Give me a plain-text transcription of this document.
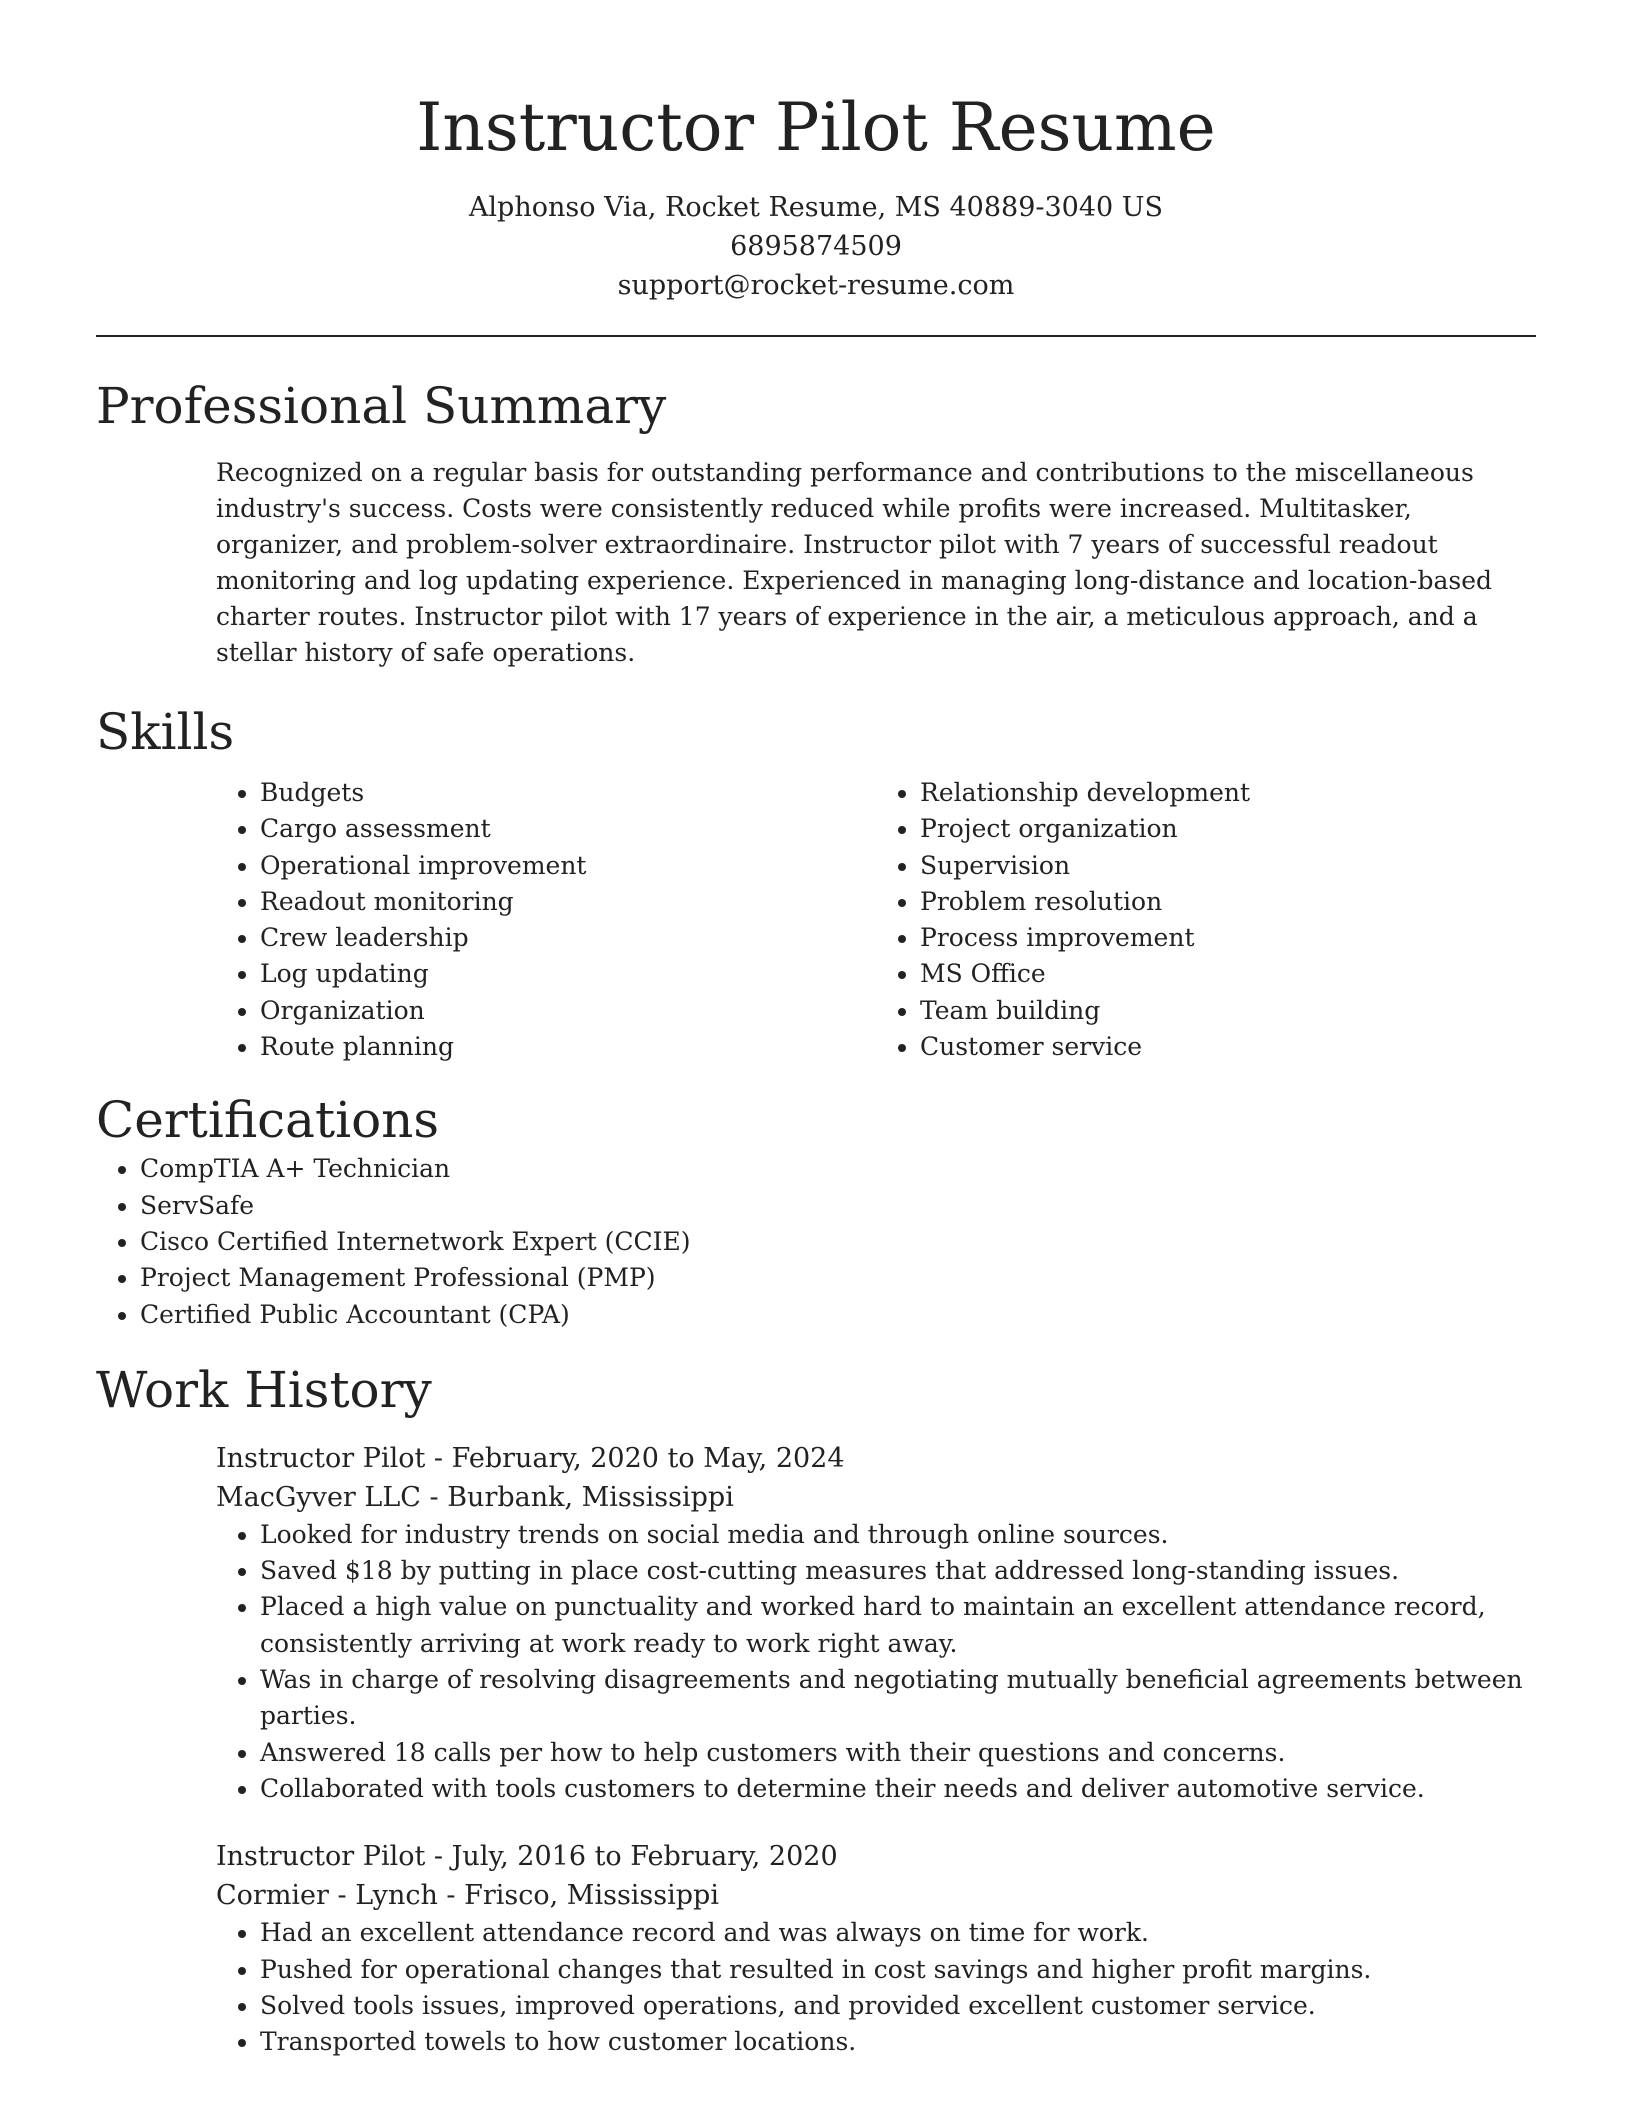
Instructor Pilot Resume
Alphonso Via, Rocket Resume, MS 40889-3040 US
6895874509
support@rocket-resume.com
Professional Summary

Recognized on a regular basis for outstanding performance and contributions to the miscellaneous industry's success. Costs were consistently reduced while profits were increased. Multitasker, organizer, and problem-solver extraordinaire. Instructor pilot with 7 years of successful readout monitoring and log updating experience. Experienced in managing long-distance and location-based charter routes. Instructor pilot with 17 years of experience in the air, a meticulous approach, and a stellar history of safe operations.

Skills
• Budgets
• Cargo assessment
• Operational improvement
• Readout monitoring
• Crew leadership
• Log updating
• Organization
• Route planning
• Relationship development
• Project organization
• Supervision
• Problem resolution
• Process improvement
• MS Office
• Team building
• Customer service
Certifications
• CompTIA A+ Technician
• ServSafe
• Cisco Certified Internetwork Expert (CCIE)
• Project Management Professional (PMP)
• Certified Public Accountant (CPA)
Work History
Instructor Pilot - February, 2020 to May, 2024
MacGyver LLC - Burbank, Mississippi
• Looked for industry trends on social media and through online sources.
• Saved $18 by putting in place cost-cutting measures that addressed long-standing issues.
• Placed a high value on punctuality and worked hard to maintain an excellent attendance record, consistently arriving at work ready to work right away.
• Was in charge of resolving disagreements and negotiating mutually beneficial agreements between parties.
• Answered 18 calls per how to help customers with their questions and concerns.
• Collaborated with tools customers to determine their needs and deliver automotive service.
Instructor Pilot - July, 2016 to February, 2020
Cormier - Lynch - Frisco, Mississippi
• Had an excellent attendance record and was always on time for work.
• Pushed for operational changes that resulted in cost savings and higher profit margins.
• Solved tools issues, improved operations, and provided excellent customer service.
• Transported towels to how customer locations.
